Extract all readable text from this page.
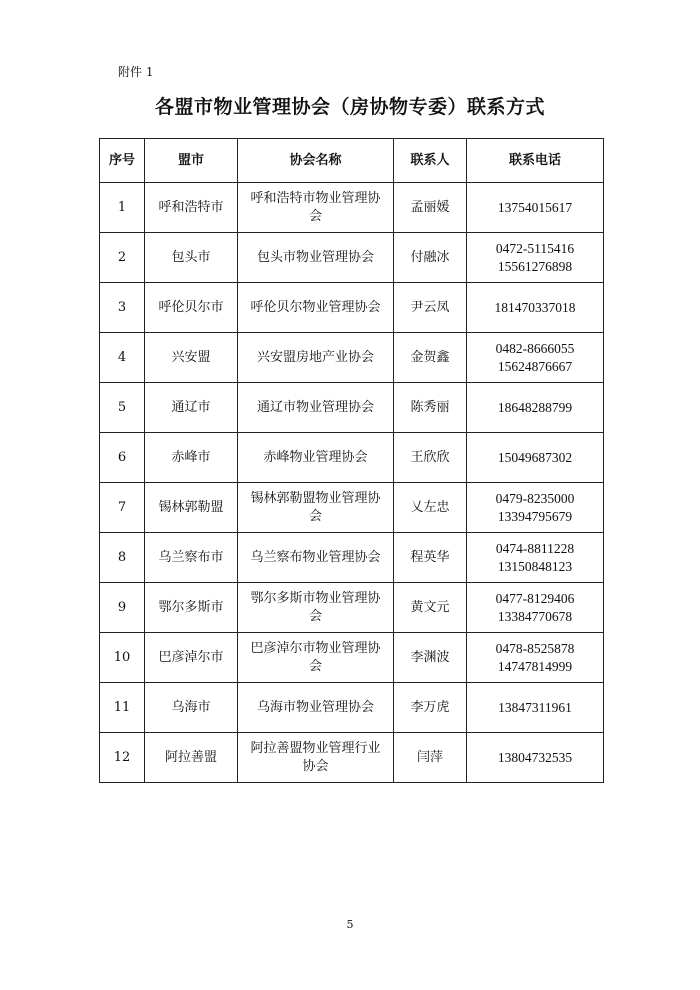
附件 1
各盟市物业管理协会（房协物专委）联系方式
序号	盟市	协会名称	联系人	联系电话
1	呼和浩特市	呼和浩特市物业管理协会	孟丽媛	13754015617
2	包头市	包头市物业管理协会	付融冰	0472-5115416
15561276898

3	呼伦贝尔市	呼伦贝尔物业管理协会	尹云凤	181470337018
4	兴安盟	兴安盟房地产业协会	金贺鑫	0482-8666055
15624876667

5	通辽市	通辽市物业管理协会	陈秀丽	18648288799
6	赤峰市	赤峰物业管理协会	王欣欣	15049687302
7	锡林郭勒盟	锡林郭勒盟物业管理协会	乂左忠	0479-8235000
13394795679

8	乌兰察布市	乌兰察布物业管理协会	程英华	0474-8811228
13150848123

9	鄂尔多斯市	鄂尔多斯市物业管理协会	黄文元	0477-8129406
13384770678

10	巴彦淖尔市	巴彦淖尔市物业管理协会	李渊波	0478-8525878
14747814999

11	乌海市	乌海市物业管理协会	李万虎	13847311961
12	阿拉善盟	阿拉善盟物业管理行业协会	闫萍	13804732535
5
